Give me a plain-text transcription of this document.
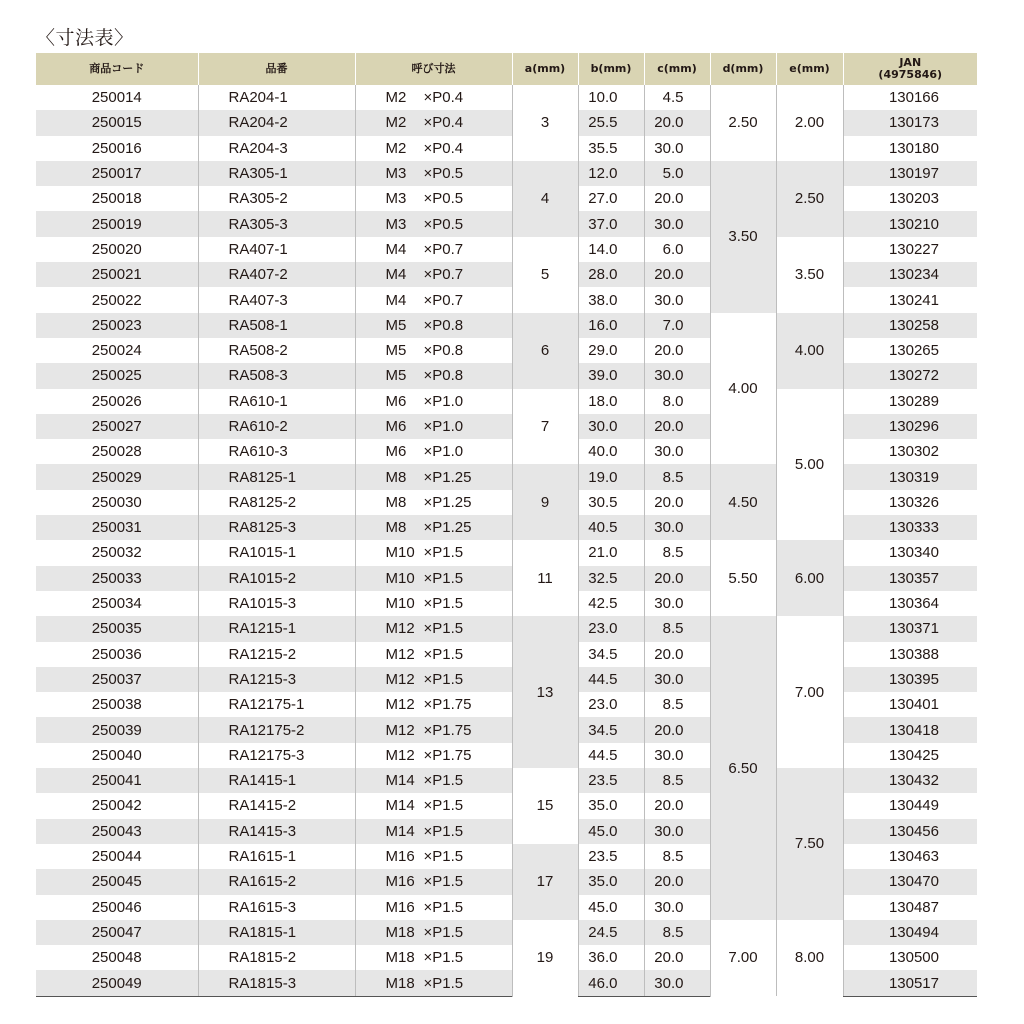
〈寸法表〉
商品コード	品番	呼び寸法	a(mm)	b(mm)	c(mm)	d(mm)	e(mm)	JAN
(4975846)

250014	RA204-1	M2 ×P0.4	3	10.0	4.5	2.50	2.00	130166
250015	RA204-2	M2 ×P0.4		25.5	20.0			130173
250016	RA204-3	M2 ×P0.4		35.5	30.0			130180
250017	RA305-1	M3 ×P0.5	4	12.0	5.0	3.50	2.50	130197
250018	RA305-2	M3 ×P0.5		27.0	20.0			130203
250019	RA305-3	M3 ×P0.5		37.0	30.0			130210
250020	RA407-1	M4 ×P0.7	5	14.0	6.0		3.50	130227
250021	RA407-2	M4 ×P0.7		28.0	20.0			130234
250022	RA407-3	M4 ×P0.7		38.0	30.0			130241
250023	RA508-1	M5 ×P0.8	6	16.0	7.0	4.00	4.00	130258
250024	RA508-2	M5 ×P0.8		29.0	20.0			130265
250025	RA508-3	M5 ×P0.8		39.0	30.0			130272
250026	RA610-1	M6 ×P1.0	7	18.0	8.0		5.00	130289
250027	RA610-2	M6 ×P1.0		30.0	20.0			130296
250028	RA610-3	M6 ×P1.0		40.0	30.0			130302
250029	RA8125-1	M8 ×P1.25	9	19.0	8.5	4.50		130319
250030	RA8125-2	M8 ×P1.25		30.5	20.0			130326
250031	RA8125-3	M8 ×P1.25		40.5	30.0			130333
250032	RA1015-1	M10 ×P1.5	11	21.0	8.5	5.50	6.00	130340
250033	RA1015-2	M10 ×P1.5		32.5	20.0			130357
250034	RA1015-3	M10 ×P1.5		42.5	30.0			130364
250035	RA1215-1	M12 ×P1.5	13	23.0	8.5	6.50	7.00	130371
250036	RA1215-2	M12 ×P1.5		34.5	20.0			130388
250037	RA1215-3	M12 ×P1.5		44.5	30.0			130395
250038	RA12175-1	M12 ×P1.75		23.0	8.5			130401
250039	RA12175-2	M12 ×P1.75		34.5	20.0			130418
250040	RA12175-3	M12 ×P1.75		44.5	30.0			130425
250041	RA1415-1	M14 ×P1.5	15	23.5	8.5		7.50	130432
250042	RA1415-2	M14 ×P1.5		35.0	20.0			130449
250043	RA1415-3	M14 ×P1.5		45.0	30.0			130456
250044	RA1615-1	M16 ×P1.5	17	23.5	8.5			130463
250045	RA1615-2	M16 ×P1.5		35.0	20.0			130470
250046	RA1615-3	M16 ×P1.5		45.0	30.0			130487
250047	RA1815-1	M18 ×P1.5	19	24.5	8.5	7.00	8.00	130494
250048	RA1815-2	M18 ×P1.5		36.0	20.0			130500
250049	RA1815-3	M18 ×P1.5		46.0	30.0			130517
